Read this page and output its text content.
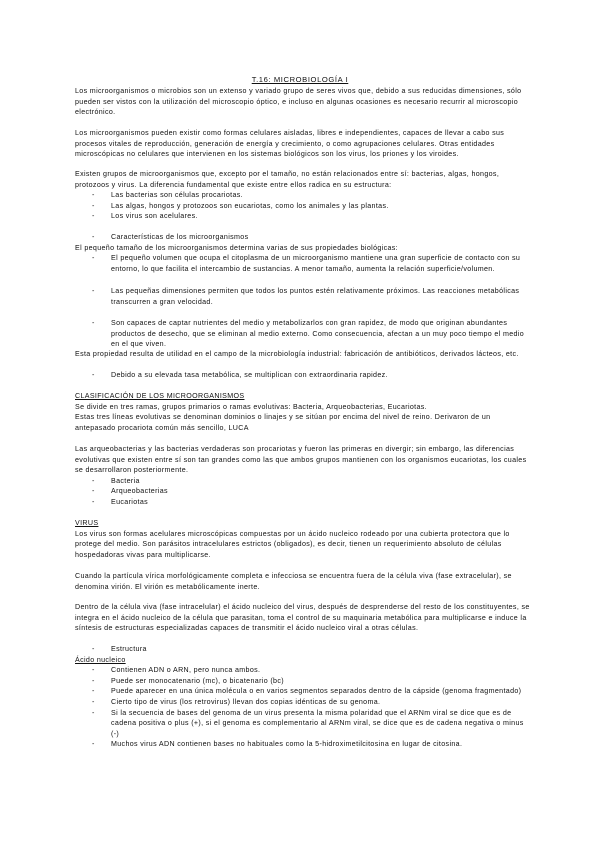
T.16: MICROBIOLOGÍA I

Los microorganismos o microbios son un extenso y variado grupo de seres vivos que, debido a sus reducidas dimensiones, sólo pueden ser vistos con la utilización del microscopio óptico, e incluso en algunas ocasiones es necesario recurrir al microscopio electrónico.

Los microorganismos pueden existir como formas celulares aisladas, libres e independientes, capaces de llevar a cabo sus procesos vitales de reproducción, generación de energía y crecimiento, o como agrupaciones celulares. Otras entidades microscópicas no celulares que intervienen en los sistemas biológicos son los virus, los priones y los viroides.

Existen grupos de microorganismos que, excepto por el tamaño, no están relacionados entre sí: bacterias, algas, hongos, protozoos y virus. La diferencia fundamental que existe entre ellos radica en su estructura:

- Las bacterias son células procariotas.
- Las algas, hongos y protozoos son eucariotas, como los animales y las plantas.
- Los virus son acelulares.
- Características de los microorganismos

El pequeño tamaño de los microorganismos determina varias de sus propiedades biológicas:

- El pequeño volumen que ocupa el citoplasma de un microorganismo mantiene una gran superficie de contacto con su entorno, lo que facilita el intercambio de sustancias. A menor tamaño, aumenta la relación superficie/volumen.
- Las pequeñas dimensiones permiten que todos los puntos estén relativamente próximos. Las reacciones metabólicas transcurren a gran velocidad.
- Son capaces de captar nutrientes del medio y metabolizarlos con gran rapidez, de modo que originan abundantes productos de desecho, que se eliminan al medio externo. Como consecuencia, afectan a un muy poco tiempo el medio en el que viven.

Esta propiedad resulta de utilidad en el campo de la microbiología industrial: fabricación de antibióticos, derivados lácteos, etc.

- Debido a su elevada tasa metabólica, se multiplican con extraordinaria rapidez.

CLASIFICACIÓN DE LOS MICROORGANISMOS

Se divide en tres ramas, grupos primarios o ramas evolutivas: Bacteria, Arqueobacterias, Eucariotas.

Estas tres líneas evolutivas se denominan dominios o linajes y se sitúan por encima del nivel de reino. Derivaron de un antepasado procariota común más sencillo, LUCA

Las arqueobacterias y las bacterias verdaderas son procariotas y fueron las primeras en divergir; sin embargo, las diferencias evolutivas que existen entre sí son tan grandes como las que ambos grupos mantienen con los organismos eucariotas, los cuales se desarrollaron posteriormente.

- Bacteria
- Arqueobacterias
- Eucariotas

VIRUS

Los virus son formas acelulares microscópicas compuestas por un ácido nucleico rodeado por una cubierta protectora que lo protege del medio. Son parásitos intracelulares estrictos (obligados), es decir, tienen un requerimiento absoluto de células hospedadoras vivas para multiplicarse.

Cuando la partícula vírica morfológicamente completa e infecciosa se encuentra fuera de la célula viva (fase extracelular), se denomina virión. El virión es metabólicamente inerte.

Dentro de la célula viva (fase intracelular) el ácido nucleico del virus, después de desprenderse del resto de los constituyentes, se integra en el ácido nucleico de la célula que parasitan, toma el control de su maquinaria metabólica para multiplicarse e induce la síntesis de estructuras especializadas capaces de transmitir el ácido nucleico viral a otras células.

- Estructura

Ácido nucleico

- Contienen ADN o ARN, pero nunca ambos.
- Puede ser monocatenario (mc), o bicatenario (bc)
- Puede aparecer en una única molécula o en varios segmentos separados dentro de la cápside (genoma fragmentado)
- Cierto tipo de virus (los retrovirus) llevan dos copias idénticas de su genoma.
- Si la secuencia de bases del genoma de un virus presenta la misma polaridad que el ARNm viral se dice que es de cadena positiva o plus (+), si el genoma es complementario al ARNm viral, se dice que es de cadena negativa o minus (-)
- Muchos virus ADN contienen bases no habituales como la 5-hidroximetilcitosina en lugar de citosina.
